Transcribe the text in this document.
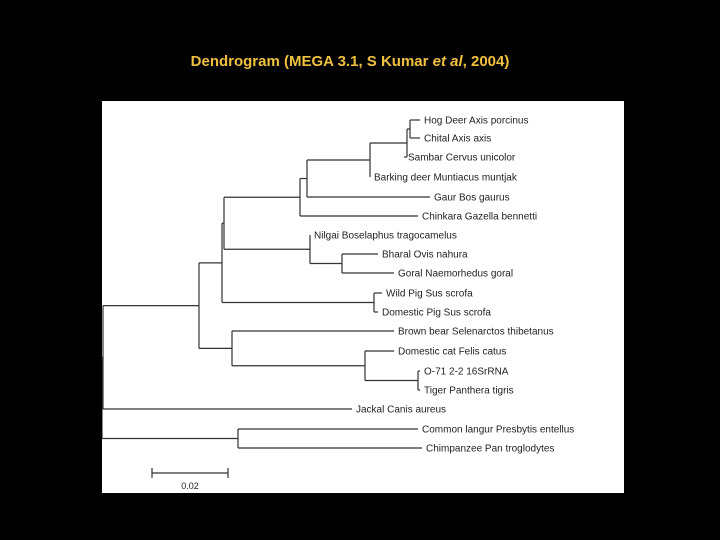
Dendrogram (MEGA 3.1, S Kumar et al, 2004)
Hog Deer Axis porcinus
Chital Axis axis
Sambar Cervus unicolor
Barking deer Muntiacus muntjak
Gaur Bos gaurus
Chinkara Gazella bennetti
Nilgai Boselaphus tragocamelus
Bharal Ovis nahura
Goral Naemorhedus goral
Wild Pig Sus scrofa
Domestic Pig Sus scrofa
Brown bear Selenarctos thibetanus
Domestic cat Felis catus
O-71 2-2 16SrRNA
Tiger Panthera tigris
Jackal Canis aureus
Common langur Presbytis entellus
Chimpanzee Pan troglodytes
0.02
